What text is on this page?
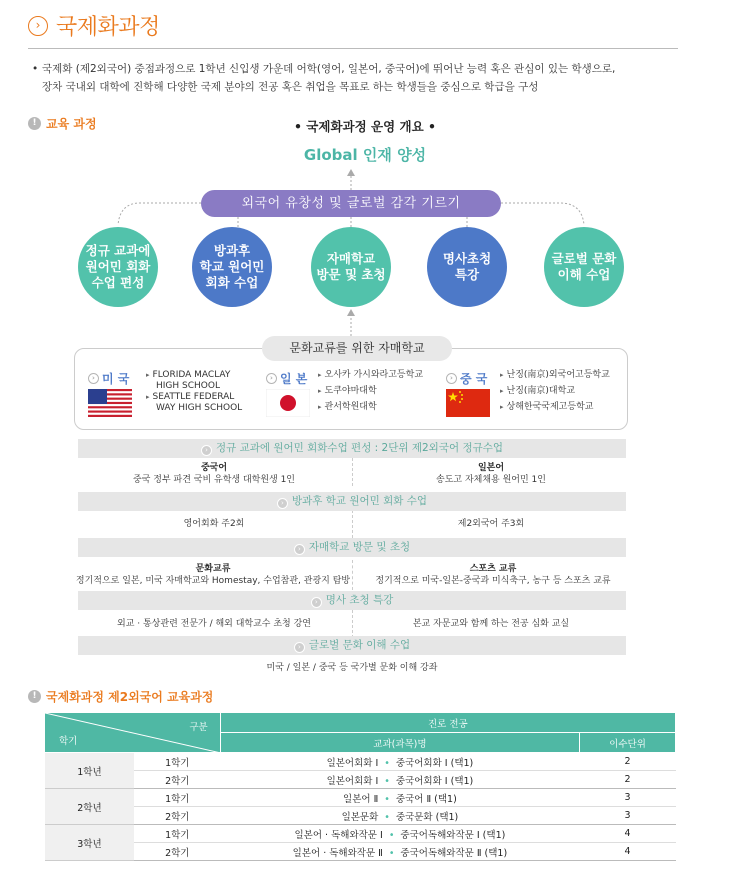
› 국제화과정
• 국제화 (제2외국어) 중점과정으로 1학년 신입생 가운데 어학(영어, 일본어, 중국어)에 뛰어난 능력 혹은 관심이 있는 학생으로,
장차 국내외 대학에 진학해 다양한 국제 분야의 전공 혹은 취업을 목표로 하는 학생들을 중심으로 학급을 구성
! 교육 과정	• 국제화과정 운영 개요 •
Global 인재 양성
외국어 유창성 및 글로벌 감각 기르기
정규 교과에
원어민 회화
수업 편성
방과후
학교 원어민
회화 수업
자매학교
방문 및 초청
명사초청
특강
글로벌 문화
이해 수업
문화교류를 위한 자매학교
› 미 국 ▸ FLORIDA MACLAY
HIGH SCHOOL
▸ SEATTLE FEDERAL
WAY HIGH SCHOOL
› 일 본 ▸ 오사카 가시와라고등학교
▸ 도쿠야마대학
▸ 관서학원대학
› 중 국 ▸ 난징(南京)외국어고등학교
▸ 난징(南京)대학교
▸ 상해한국국제고등학교
› 정규 교과에 원어민 회화수업 편성 : 2단위 제2외국어 정규수업
중국어
중국 정부 파견 국비 유학생 대학원생 1인
일본어
송도고 자체채용 원어민 1인
› 방과후 학교 원어민 회화 수업
영어회화 주2회	제2외국어 주3회
› 자매학교 방문 및 초청
문화교류
정기적으로 일본, 미국 자매학교와 Homestay, 수업참관, 관광지 탐방
스포츠 교류
정기적으로 미국-일본-중국과 미식축구, 농구 등 스포츠 교류
› 명사 초청 특강
외교 · 통상관련 전문가 / 해외 대학교수 초청 강연	본교 자문교와 함께 하는 전공 심화 교실
› 글로벌 문화 이해 수업
미국 / 일본 / 중국 등 국가별 문화 이해 강좌
! 국제화과정 제2외국어 교육과정
구분
학기		진로 전공	
		교과(과목)명	이수단위
1학년	1학기	일본어회화 Ⅰ • 중국어회화 Ⅰ (택1)	2
	2학기	일본어회화 Ⅰ • 중국어회화 Ⅰ (택1)	2
2학년	1학기	일본어 Ⅱ • 중국어 Ⅱ (택1)	3
	2학기	일본문화 • 중국문화 (택1)	3
3학년	1학기	일본어 · 독해와작문 Ⅰ • 중국어독해와작문 Ⅰ (택1)	4
	2학기	일본어 · 독해와작문 Ⅱ • 중국어독해와작문 Ⅱ (택1)	4
